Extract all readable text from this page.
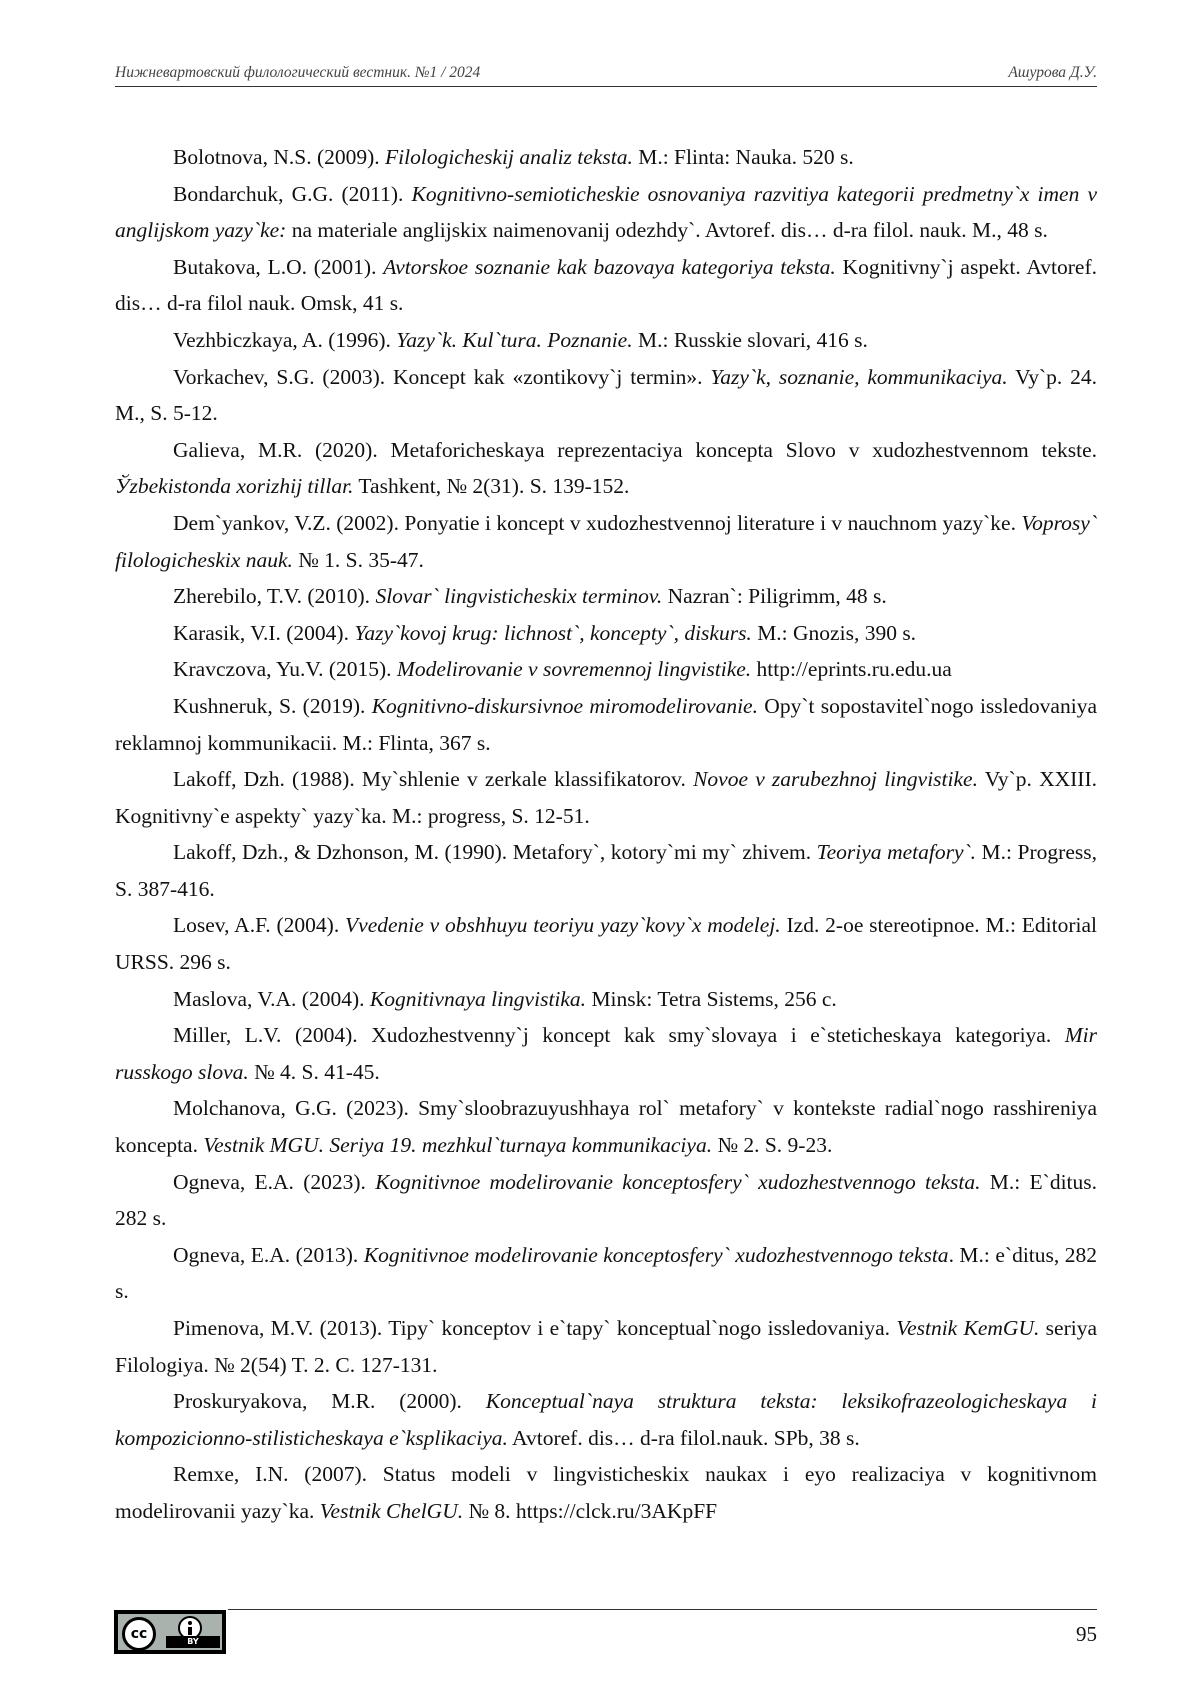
Нижневартовский филологический вестник. №1 / 2024	Ашурова Д.У.

Bolotnova, N.S. (2009). Filologicheskij analiz teksta. M.: Flinta: Nauka. 520 s.

Bondarchuk, G.G. (2011). Kognitivno-semioticheskie osnovaniya razvitiya kategorii predmetny`x imen v anglijskom yazy`ke: na materiale anglijskix naimenovanij odezhdy`. Avtoref. dis… d-ra filol. nauk. M., 48 s.

Butakova, L.O. (2001). Avtorskoe soznanie kak bazovaya kategoriya teksta. Kognitivny`j aspekt. Avtoref. dis… d-ra filol nauk. Omsk, 41 s.

Vezhbiczkaya, A. (1996). Yazy`k. Kul`tura. Poznanie. M.: Russkie slovari, 416 s.

Vorkachev, S.G. (2003). Koncept kak «zontikovy`j termin». Yazy`k, soznanie, kommunikaciya. Vy`p. 24. M., S. 5-12.

Galieva, M.R. (2020). Metaforicheskaya reprezentaciya koncepta Slovo v xudozhestvennom tekste. Ўzbekistonda xorizhij tillar. Tashkent, № 2(31). S. 139-152.

Dem`yankov, V.Z. (2002). Ponyatie i koncept v xudozhestvennoj literature i v nauchnom yazy`ke. Voprosy` filologicheskix nauk. № 1. S. 35-47.

Zherebilo, T.V. (2010). Slovar` lingvisticheskix terminov. Nazran`: Piligrimm, 48 s.

Karasik, V.I. (2004). Yazy`kovoj krug: lichnost`, koncepty`, diskurs. M.: Gnozis, 390 s.

Kravczova, Yu.V. (2015). Modelirovanie v sovremennoj lingvistike. http://eprints.ru.edu.ua

Kushneruk, S. (2019). Kognitivno-diskursivnoe miromodelirovanie. Opy`t sopostavitel`nogo issledovaniya reklamnoj kommunikacii. M.: Flinta, 367 s.

Lakoff, Dzh. (1988). My`shlenie v zerkale klassifikatorov. Novoe v zarubezhnoj lingvistike. Vy`p. XXIII. Kognitivny`e aspekty` yazy`ka. M.: progress, S. 12-51.

Lakoff, Dzh., & Dzhonson, M. (1990). Metafory`, kotory`mi my` zhivem. Teoriya metafory`. M.: Progress, S. 387-416.

Losev, A.F. (2004). Vvedenie v obshhuyu teoriyu yazy`kovy`x modelej. Izd. 2-oe stereotipnoe. M.: Editorial URSS. 296 s.

Maslova, V.A. (2004). Kognitivnaya lingvistika. Minsk: Tetra Sistems, 256 c.

Miller, L.V. (2004). Xudozhestvenny`j koncept kak smy`slovaya i e`steticheskaya kategoriya. Mir russkogo slova. № 4. S. 41-45.

Molchanova, G.G. (2023). Smy`sloobrazuyushhaya rol` metafory` v kontekste radial`nogo rasshireniya koncepta. Vestnik MGU. Seriya 19. mezhkul`turnaya kommunikaciya. № 2. S. 9-23.

Ogneva, E.A. (2023). Kognitivnoe modelirovanie konceptosfery` xudozhestvennogo teksta. M.: E`ditus. 282 s.

Ogneva, E.A. (2013). Kognitivnoe modelirovanie konceptosfery` xudozhestvennogo teksta. M.: e`ditus, 282 s.

Pimenova, M.V. (2013). Tipy` konceptov i e`tapy` konceptual`nogo issledovaniya. Vestnik KemGU. seriya Filologiya. № 2(54) T. 2. C. 127-131.

Proskuryakova, M.R. (2000). Konceptual`naya struktura teksta: leksikofrazeologicheskaya i kompozicionno-stilisticheskaya e`ksplikaciya. Avtoref. dis… d-ra filol.nauk. SPb, 38 s.

Remxe, I.N. (2007). Status modeli v lingvisticheskix naukax i eyo realizaciya v kognitivnom modelirovanii yazy`ka. Vestnik ChelGU. № 8. https://clck.ru/3AKpFF

cc	BY	95
